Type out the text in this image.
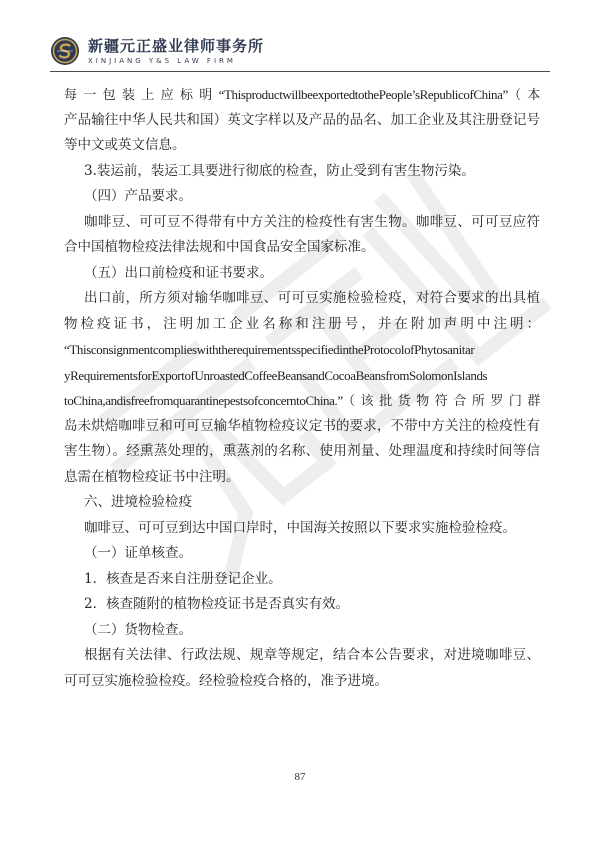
新疆元正盛业律师事务所
XINJIANG Y&S LAW FIRM
每一包装上应标明“ThisproductwillbeexportedtothePeople’sRepublicofChina”（本
产品输往中华人民共和国）英文字样以及产品的品名、加工企业及其注册登记号
等中文或英文信息。
3.装运前，装运工具要进行彻底的检查，防止受到有害生物污染。
（四）产品要求。
咖啡豆、可可豆不得带有中方关注的检疫性有害生物。咖啡豆、可可豆应符
合中国植物检疫法律法规和中国食品安全国家标准。
（五）出口前检疫和证书要求。
出口前，所方须对输华咖啡豆、可可豆实施检验检疫，对符合要求的出具植
物检疫证书，注明加工企业名称和注册号，并在附加声明中注明：
“ThisconsignmentcomplieswiththerequirementsspecifiedintheProtocolofPhytosanitar
yRequirementsforExportofUnroastedCoffeeBeansandCocoaBeansfromSolomonIslands
toChina,andisfreefromquarantinepestsofconcerntoChina.”（该批货物符合所罗门群
岛未烘焙咖啡豆和可可豆输华植物检疫议定书的要求，不带中方关注的检疫性有
害生物）。经熏蒸处理的，熏蒸剂的名称、使用剂量、处理温度和持续时间等信
息需在植物检疫证书中注明。
六、进境检验检疫
咖啡豆、可可豆到达中国口岸时，中国海关按照以下要求实施检验检疫。
（一）证单核查。
1．核查是否来自注册登记企业。
2．核查随附的植物检疫证书是否真实有效。
（二）货物检查。
根据有关法律、行政法规、规章等规定，结合本公告要求，对进境咖啡豆、
可可豆实施检验检疫。经检验检疫合格的，准予进境。
87
